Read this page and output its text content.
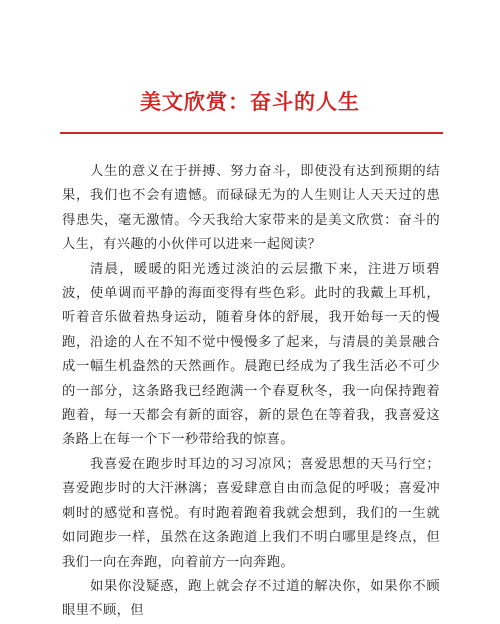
美文欣赏：奋斗的人生

人生的意义在于拼搏、努力奋斗，即使没有达到预期的结果，我们也不会有遗憾。而碌碌无为的人生则让人天天过的患得患失，毫无激情。今天我给大家带来的是美文欣赏：奋斗的人生，有兴趣的小伙伴可以进来一起阅读？

清晨，暖暖的阳光透过淡泊的云层撒下来，注进万顷碧波，使单调而平静的海面变得有些色彩。此时的我戴上耳机，听着音乐做着热身运动，随着身体的舒展，我开始每一天的慢跑，沿途的人在不知不觉中慢慢多了起来，与清晨的美景融合成一幅生机盎然的天然画作。晨跑已经成为了我生活必不可少的一部分，这条路我已经跑满一个春夏秋冬，我一向保持跑着跑着，每一天都会有新的面容，新的景色在等着我，我喜爱这条路上在每一个下一秒带给我的惊喜。

我喜爱在跑步时耳边的习习凉风；喜爱思想的天马行空；喜爱跑步时的大汗淋漓；喜爱肆意自由而急促的呼吸；喜爱冲刺时的感觉和喜悦。有时跑着跑着我就会想到，我们的一生就如同跑步一样，虽然在这条跑道上我们不明白哪里是终点，但我们一向在奔跑，向着前方一向奔跑。

如果你没疑惑，跑上就会存不过道的解决你，如果你不顾眼里不顾，但
